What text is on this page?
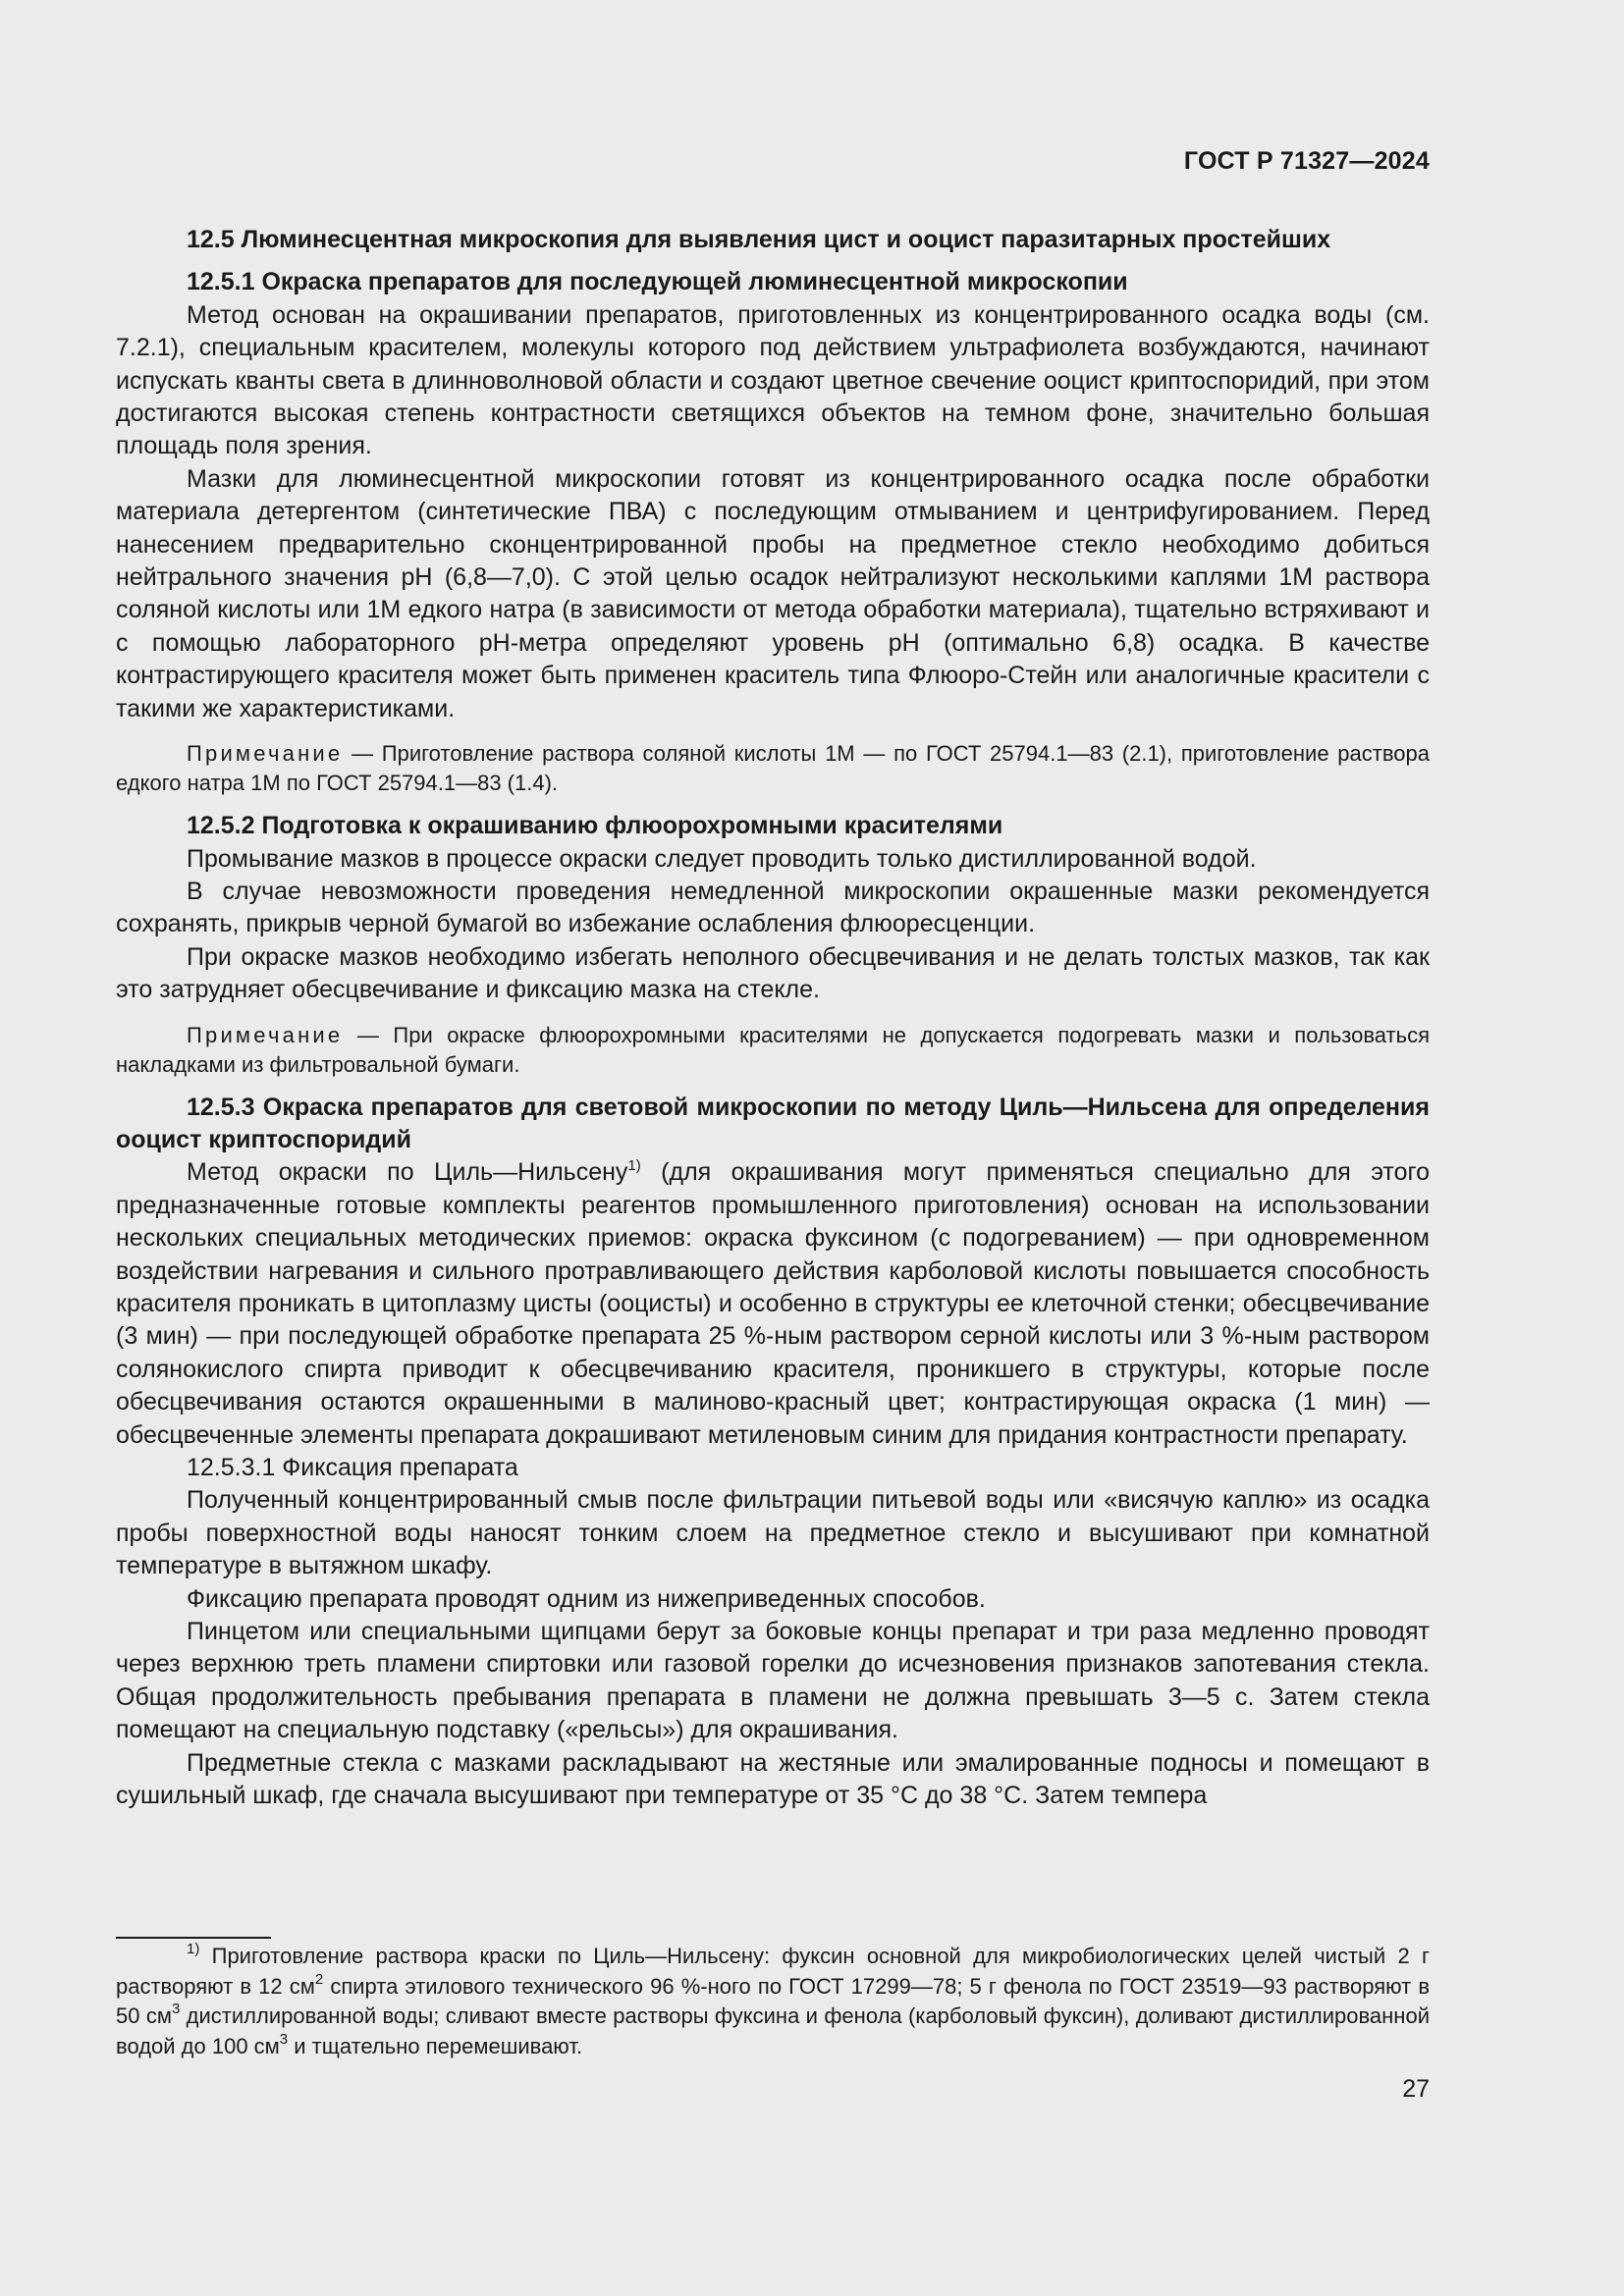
ГОСТ Р 71327—2024

12.5 Люминесцентная микроскопия для выявления цист и ооцист паразитарных простейших

12.5.1 Окраска препаратов для последующей люминесцентной микроскопии

Метод основан на окрашивании препаратов, приготовленных из концентрированного осадка воды (см. 7.2.1), специальным красителем, молекулы которого под действием ультрафиолета возбуждаются, начинают испускать кванты света в длинноволновой области и создают цветное свечение ооцист криптоспоридий, при этом достигаются высокая степень контрастности светящихся объектов на темном фоне, значительно большая площадь поля зрения.

Мазки для люминесцентной микроскопии готовят из концентрированного осадка после обработки материала детергентом (синтетические ПВА) с последующим отмыванием и центрифугированием. Перед нанесением предварительно сконцентрированной пробы на предметное стекло необходимо добиться нейтрального значения рН (6,8—7,0). С этой целью осадок нейтрализуют несколькими каплями 1М раствора соляной кислоты или 1М едкого натра (в зависимости от метода обработки материала), тщательно встряхивают и с помощью лабораторного рН-метра определяют уровень рН (оптимально 6,8) осадка. В качестве контрастирующего красителя может быть применен краситель типа Флюоро-Стейн или аналогичные красители с такими же характеристиками.

Примечание — Приготовление раствора соляной кислоты 1М — по ГОСТ 25794.1—83 (2.1), приготовление раствора едкого натра 1М по ГОСТ 25794.1—83 (1.4).

12.5.2 Подготовка к окрашиванию флюорохромными красителями

Промывание мазков в процессе окраски следует проводить только дистиллированной водой.

В случае невозможности проведения немедленной микроскопии окрашенные мазки рекомендуется сохранять, прикрыв черной бумагой во избежание ослабления флюоресценции.

При окраске мазков необходимо избегать неполного обесцвечивания и не делать толстых мазков, так как это затрудняет обесцвечивание и фиксацию мазка на стекле.

Примечание — При окраске флюорохромными красителями не допускается подогревать мазки и пользоваться накладками из фильтровальной бумаги.

12.5.3 Окраска препаратов для световой микроскопии по методу Циль—Нильсена для определения ооцист криптоспоридий

Метод окраски по Циль—Нильсену$^{1)}$ (для окрашивания могут применяться специально для этого предназначенные готовые комплекты реагентов промышленного приготовления) основан на использовании нескольких специальных методических приемов: окраска фуксином (с подогреванием) — при одновременном воздействии нагревания и сильного протравливающего действия карболовой кислоты повышается способность красителя проникать в цитоплазму цисты (ооцисты) и особенно в структуры ее клеточной стенки; обесцвечивание (3 мин) — при последующей обработке препарата 25 %-ным раствором серной кислоты или 3 %-ным раствором солянокислого спирта приводит к обесцвечиванию красителя, проникшего в структуры, которые после обесцвечивания остаются окрашенными в малиново-красный цвет; контрастирующая окраска (1 мин) — обесцвеченные элементы препарата докрашивают метиленовым синим для придания контрастности препарату.

12.5.3.1 Фиксация препарата

Полученный концентрированный смыв после фильтрации питьевой воды или «висячую каплю» из осадка пробы поверхностной воды наносят тонким слоем на предметное стекло и высушивают при комнатной температуре в вытяжном шкафу.

Фиксацию препарата проводят одним из нижеприведенных способов.

Пинцетом или специальными щипцами берут за боковые концы препарат и три раза медленно проводят через верхнюю треть пламени спиртовки или газовой горелки до исчезновения признаков запотевания стекла. Общая продолжительность пребывания препарата в пламени не должна превышать 3—5 с. Затем стекла помещают на специальную подставку («рельсы») для окрашивания.

Предметные стекла с мазками раскладывают на жестяные или эмалированные подносы и помещают в сушильный шкаф, где сначала высушивают при температуре от 35 °С до 38 °С. Затем темпера

$^{1)}$ Приготовление раствора краски по Циль—Нильсену: фуксин основной для микробиологических целей чистый 2 г растворяют в 12 $см^2$ спирта этилового технического 96 %-ного по ГОСТ 17299—78; 5 г фенола по ГОСТ 23519—93 растворяют в 50 $см^3$ дистиллированной воды; сливают вместе растворы фуксина и фенола (карболовый фуксин), доливают дистиллированной водой до 100 $см^3$ и тщательно перемешивают.

27
